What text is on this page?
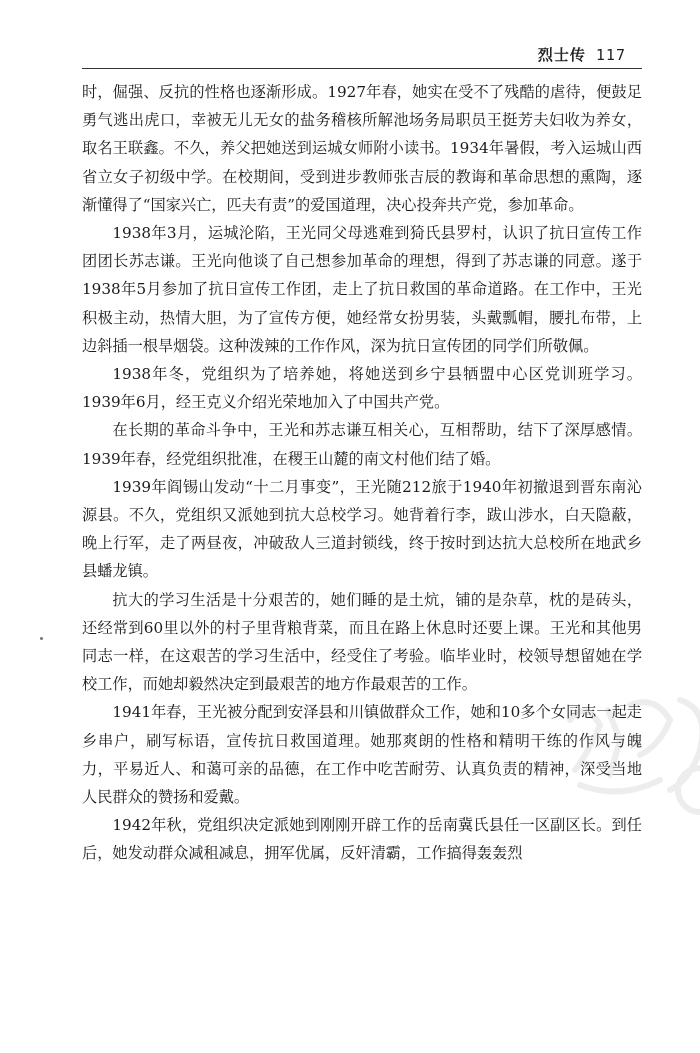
烈士传 117

时，倔强、反抗的性格也逐渐形成。1927年春，她实在受不了残酷的虐待，便鼓足勇气逃出虎口，幸被无儿无女的盐务稽核所解池场务局职员王挺芳夫妇收为养女，取名王联鑫。不久，养父把她送到运城女师附小读书。1934年暑假，考入运城山西省立女子初级中学。在校期间，受到进步教师张吉辰的教诲和革命思想的熏陶，逐渐懂得了“国家兴亡，匹夫有责”的爱国道理，决心投奔共产党，参加革命。

1938年3月，运城沦陷，王光同父母逃难到猗氏县罗村，认识了抗日宣传工作团团长苏志谦。王光向他谈了自己想参加革命的理想，得到了苏志谦的同意。遂于1938年5月参加了抗日宣传工作团，走上了抗日救国的革命道路。在工作中，王光积极主动，热情大胆，为了宣传方便，她经常女扮男装，头戴瓢帽，腰扎布带，上边斜插一根旱烟袋。这种泼辣的工作作风，深为抗日宣传团的同学们所敬佩。

1938年冬，党组织为了培养她，将她送到乡宁县牺盟中心区党训班学习。1939年6月，经王克义介绍光荣地加入了中国共产党。

在长期的革命斗争中，王光和苏志谦互相关心，互相帮助，结下了深厚感情。1939年春，经党组织批准，在稷王山麓的南文村他们结了婚。

1939年阎锡山发动“十二月事变”，王光随212旅于1940年初撤退到晋东南沁源县。不久，党组织又派她到抗大总校学习。她背着行李，跋山涉水，白天隐蔽，晚上行军，走了两昼夜，冲破敌人三道封锁线，终于按时到达抗大总校所在地武乡县蟠龙镇。

抗大的学习生活是十分艰苦的，她们睡的是土炕，铺的是杂草，枕的是砖头，还经常到60里以外的村子里背粮背菜，而且在路上休息时还要上课。王光和其他男同志一样，在这艰苦的学习生活中，经受住了考验。临毕业时，校领导想留她在学校工作，而她却毅然决定到最艰苦的地方作最艰苦的工作。

1941年春，王光被分配到安泽县和川镇做群众工作，她和10多个女同志一起走乡串户，刷写标语，宣传抗日救国道理。她那爽朗的性格和精明干练的作风与魄力，平易近人、和蔼可亲的品德，在工作中吃苦耐劳、认真负责的精神，深受当地人民群众的赞扬和爱戴。

1942年秋，党组织决定派她到刚刚开辟工作的岳南冀氏县任一区副区长。到任后，她发动群众减租减息，拥军优属，反奸清霸，工作搞得轰轰烈
